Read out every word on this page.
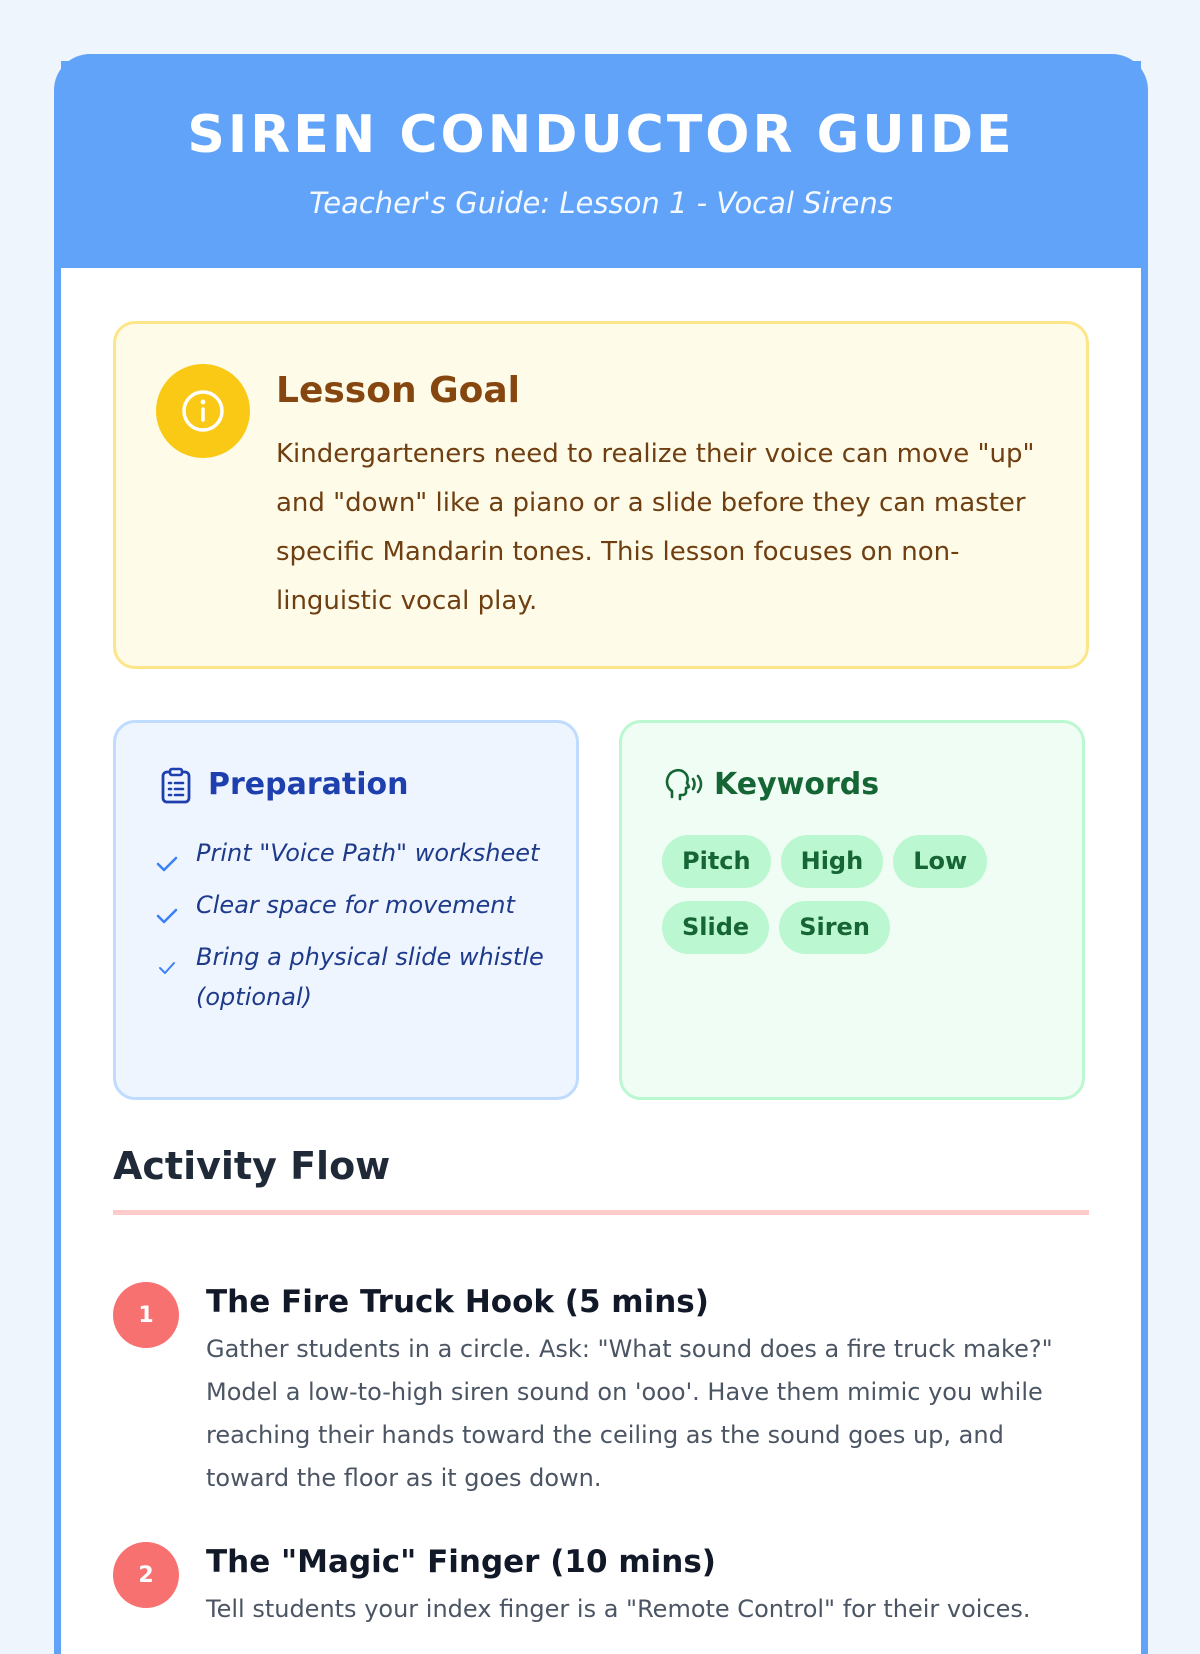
SIREN CONDUCTOR GUIDE
Teacher's Guide: Lesson 1 - Vocal Sirens
Lesson Goal

Kindergarteners need to realize their voice can move "up" and "down" like a piano or a slide before they can master specific Mandarin tones. This lesson focuses on non-linguistic vocal play.

Preparation
Print "Voice Path" worksheet
Clear space for movement
Bring a physical slide whistle (optional)
Keywords
Pitch High LowSlide Siren
Activity Flow
1	The Fire Truck Hook (5 mins)

Gather students in a circle. Ask: "What sound does a fire truck make?" Model a low-to-high siren sound on 'ooo'. Have them mimic you while reaching their hands toward the ceiling as the sound goes up, and toward the floor as it goes down.

2	The "Magic" Finger (10 mins)

Tell students your index finger is a "Remote Control" for their voices.
